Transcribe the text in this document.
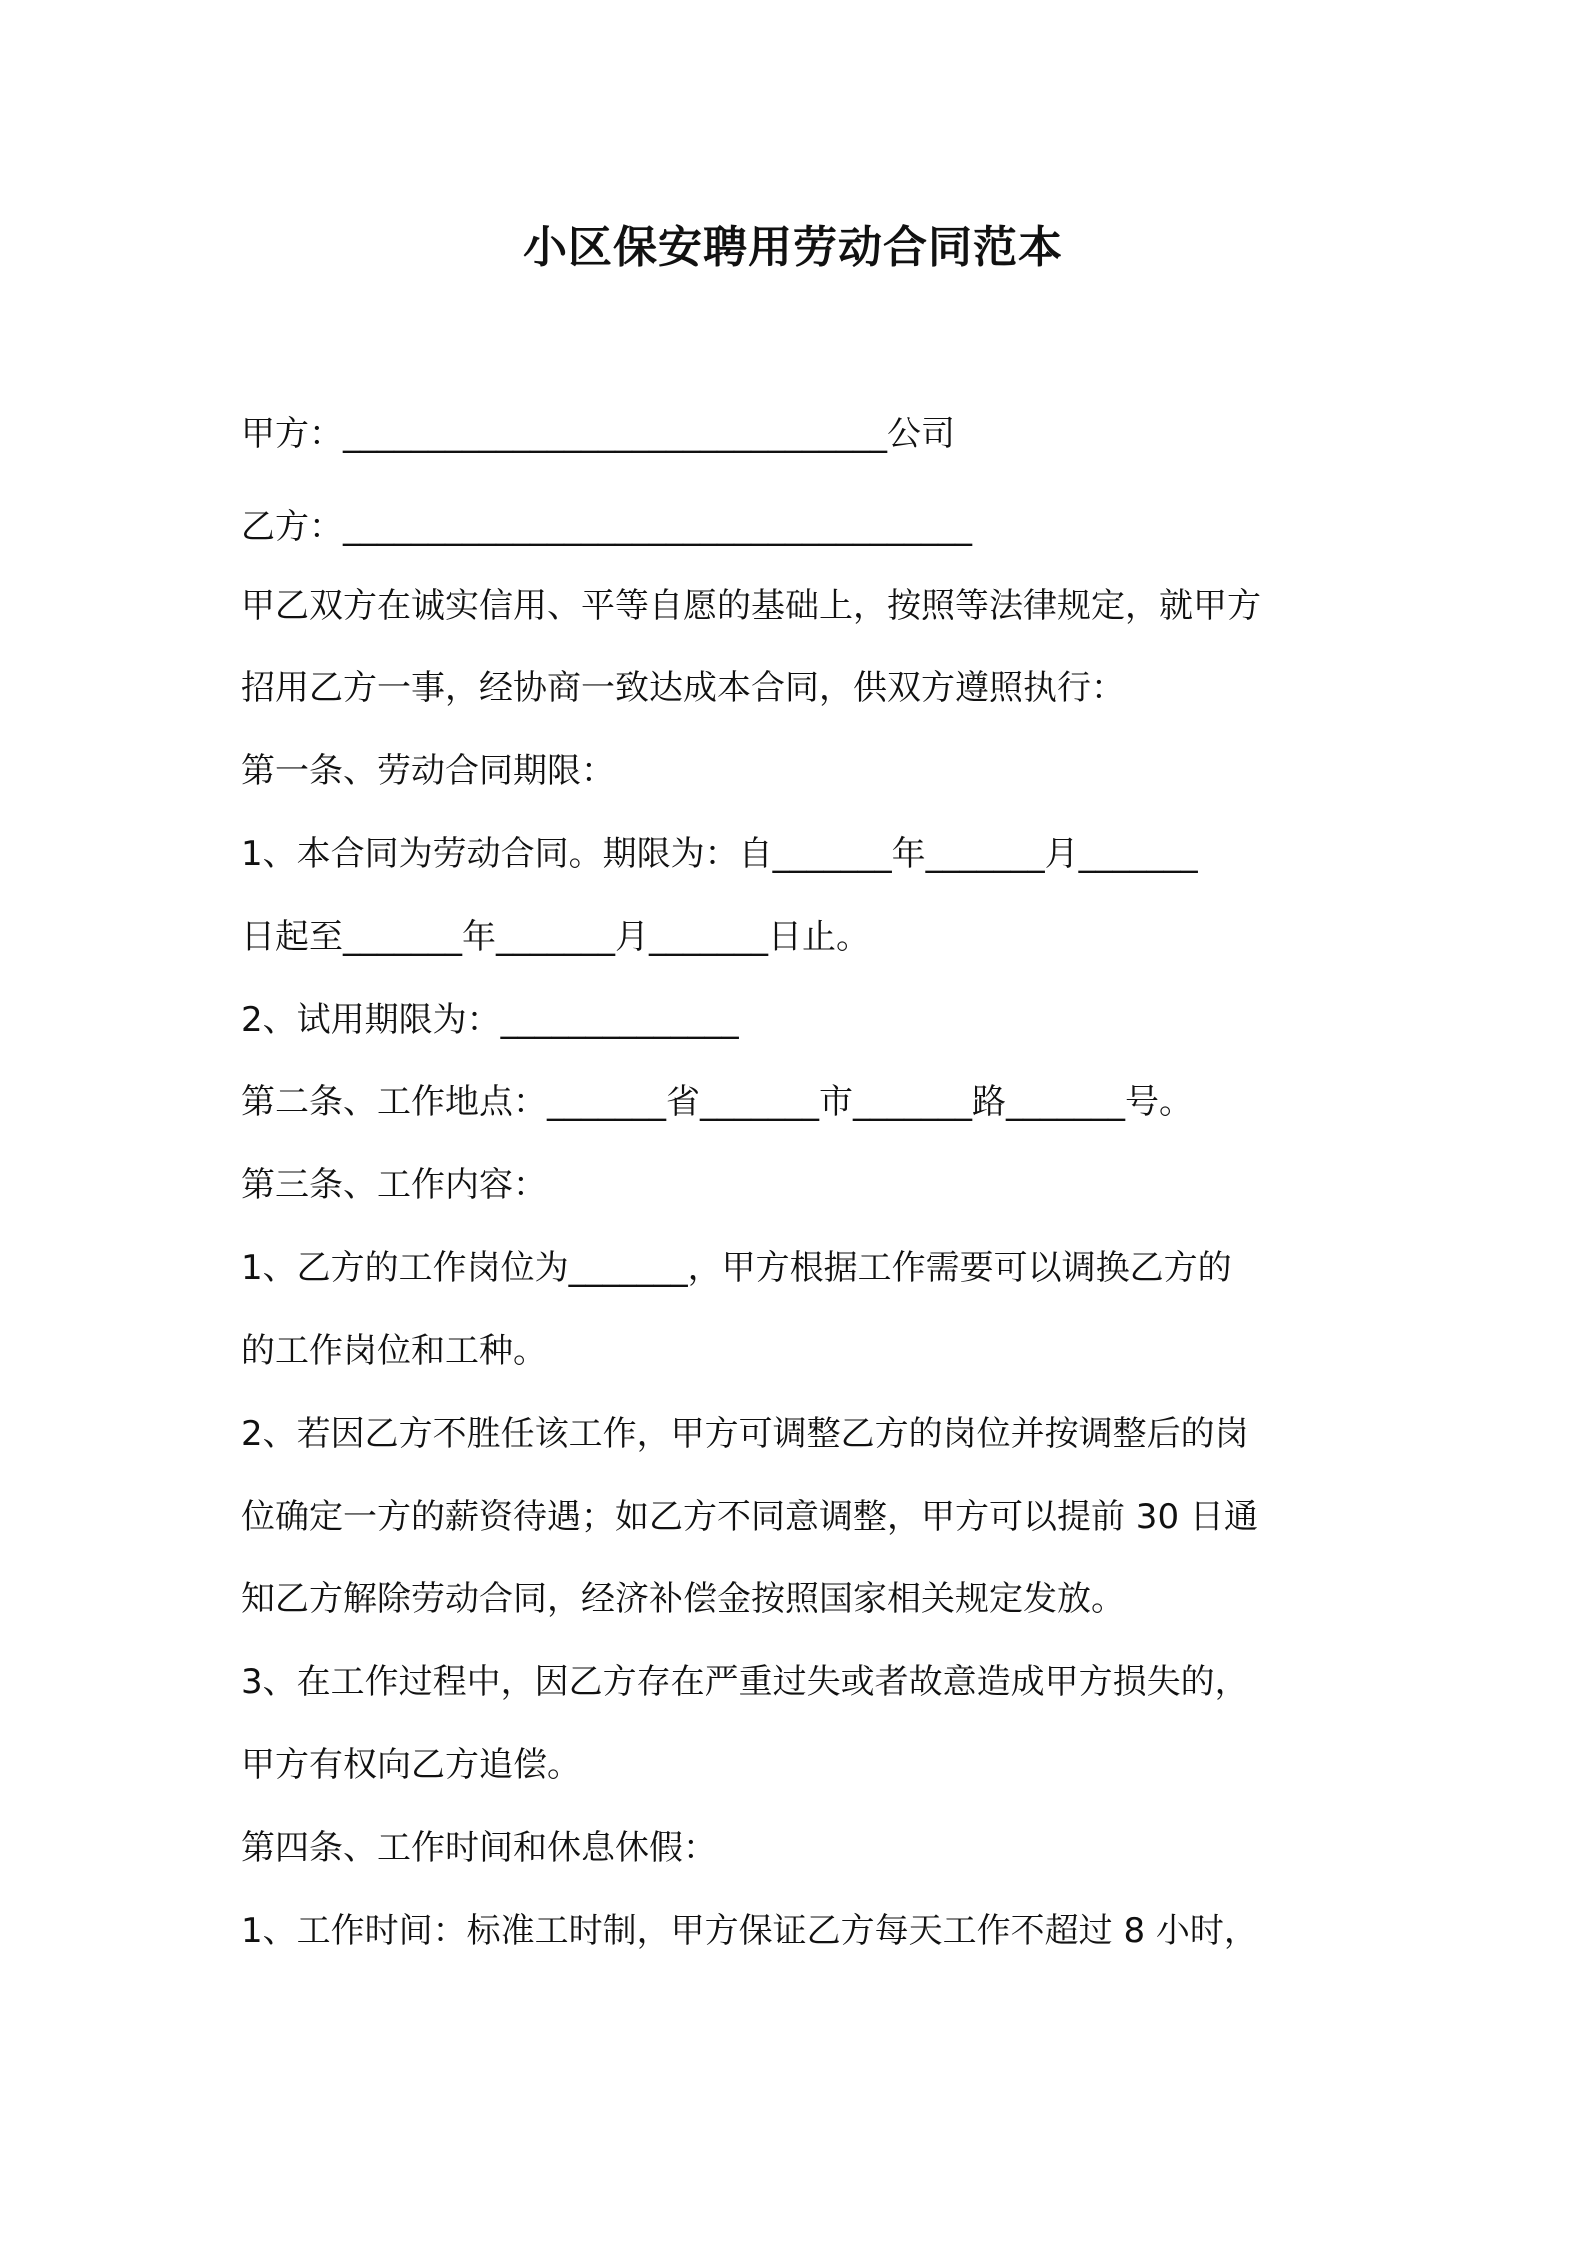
小区保安聘用劳动合同范本
甲方：________________________________公司
乙方：_____________________________________
甲乙双方在诚实信用、平等自愿的基础上，按照等法律规定，就甲方
招用乙方一事，经协商一致达成本合同，供双方遵照执行：
第一条、劳动合同期限：
1、本合同为劳动合同。期限为：自_______年_______月_______
日起至_______年_______月_______日止。
2、试用期限为：______________
第二条、工作地点：_______省_______市_______路_______号。
第三条、工作内容：
1、乙方的工作岗位为_______，甲方根据工作需要可以调换乙方的
的工作岗位和工种。
2、若因乙方不胜任该工作，甲方可调整乙方的岗位并按调整后的岗
位确定一方的薪资待遇；如乙方不同意调整，甲方可以提前 30 日通
知乙方解除劳动合同，经济补偿金按照国家相关规定发放。
3、在工作过程中，因乙方存在严重过失或者故意造成甲方损失的，
甲方有权向乙方追偿。
第四条、工作时间和休息休假：
1、工作时间：标准工时制，甲方保证乙方每天工作不超过 8 小时，
